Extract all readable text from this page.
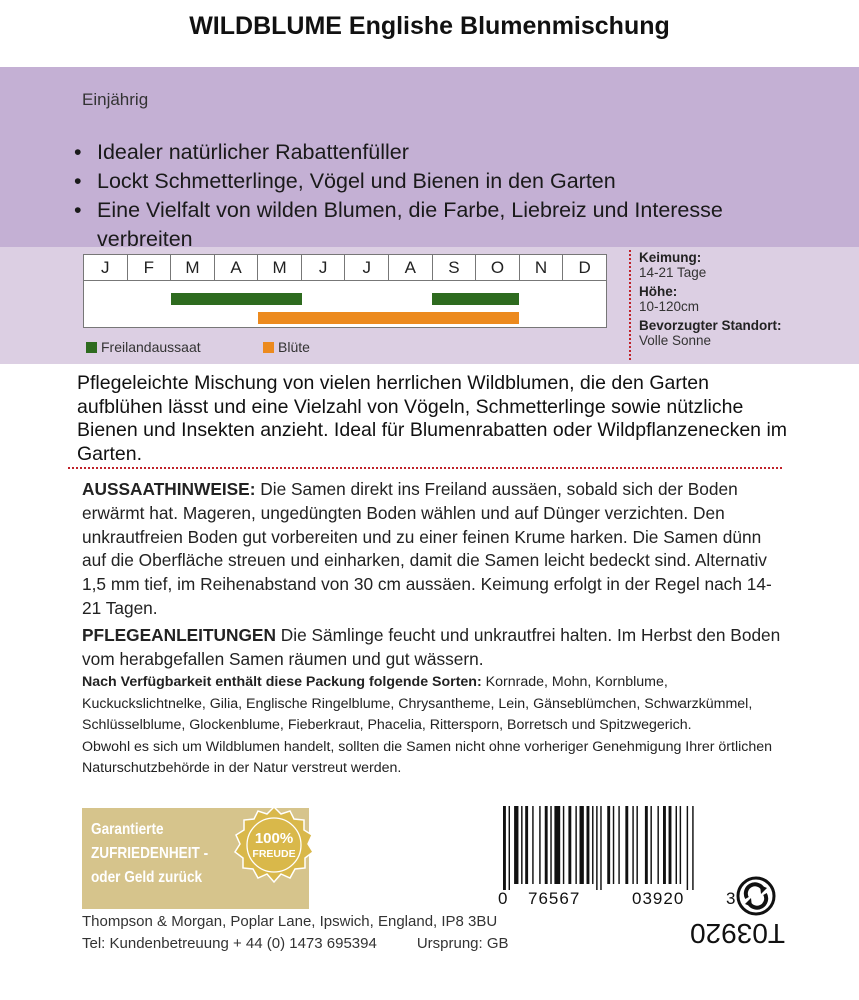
WILDBLUME Englishe Blumenmischung
Einjährig
• Idealer natürlicher Rabattenfüller
• Lockt Schmetterlinge, Vögel und Bienen in den Garten
• Eine Vielfalt von wilden Blumen, die Farbe, Liebreiz und Interesse verbreiten
J	F	M	A	M	J	J	A	S	O	N	D
Freilandaussaat	Blüte
Keimung:
14-21 Tage
Höhe:
10-120cm
Bevorzugter Standort:
Volle Sonne
Pflegeleichte Mischung von vielen herrlichen Wildblumen, die den Garten aufblühen lässt und eine Vielzahl von Vögeln, Schmetterlinge sowie nützliche Bienen und Insekten anzieht. Ideal für Blumenrabatten oder Wildpflanzenecken im Garten.
AUSSAATHINWEISE: Die Samen direkt ins Freiland aussäen, sobald sich der Boden erwärmt hat. Mageren, ungedüngten Boden wählen und auf Dünger verzichten. Den unkrautfreien Boden gut vorbereiten und zu einer feinen Krume harken. Die Samen dünn auf die Oberfläche streuen und einharken, damit die Samen leicht bedeckt sind. Alternativ 1,5 mm tief, im Reihenabstand von 30 cm aussäen. Keimung erfolgt in der Regel nach 14-21 Tagen.
PFLEGEANLEITUNGEN Die Sämlinge feucht und unkrautfrei halten. Im Herbst den Boden vom herabgefallen Samen räumen und gut wässern.
Nach Verfügbarkeit enthält diese Packung folgende Sorten: Kornrade, Mohn, Kornblume, Kuckuckslichtnelke, Gilia, Englische Ringelblume, Chrysantheme, Lein, Gänseblümchen, Schwarzkümmel, Schlüsselblume, Glockenblume, Fieberkraut, Phacelia, Rittersporn, Borretsch und Spitzwegerich.
Obwohl es sich um Wildblumen handelt, sollten die Samen nicht ohne vorheriger Genehmigung Ihrer örtlichen Naturschutzbehörde in der Natur verstreut werden.
Garantierte
ZUFRIEDENHEIT -
oder Geld zurück
100%
FREUDE
Thompson & Morgan, Poplar Lane, Ipswich, England, IP8 3BU
Tel: Kundenbetreuung + 44 (0) 1473 695394	Ursprung: GB
0 76567	03920 3
T03920
